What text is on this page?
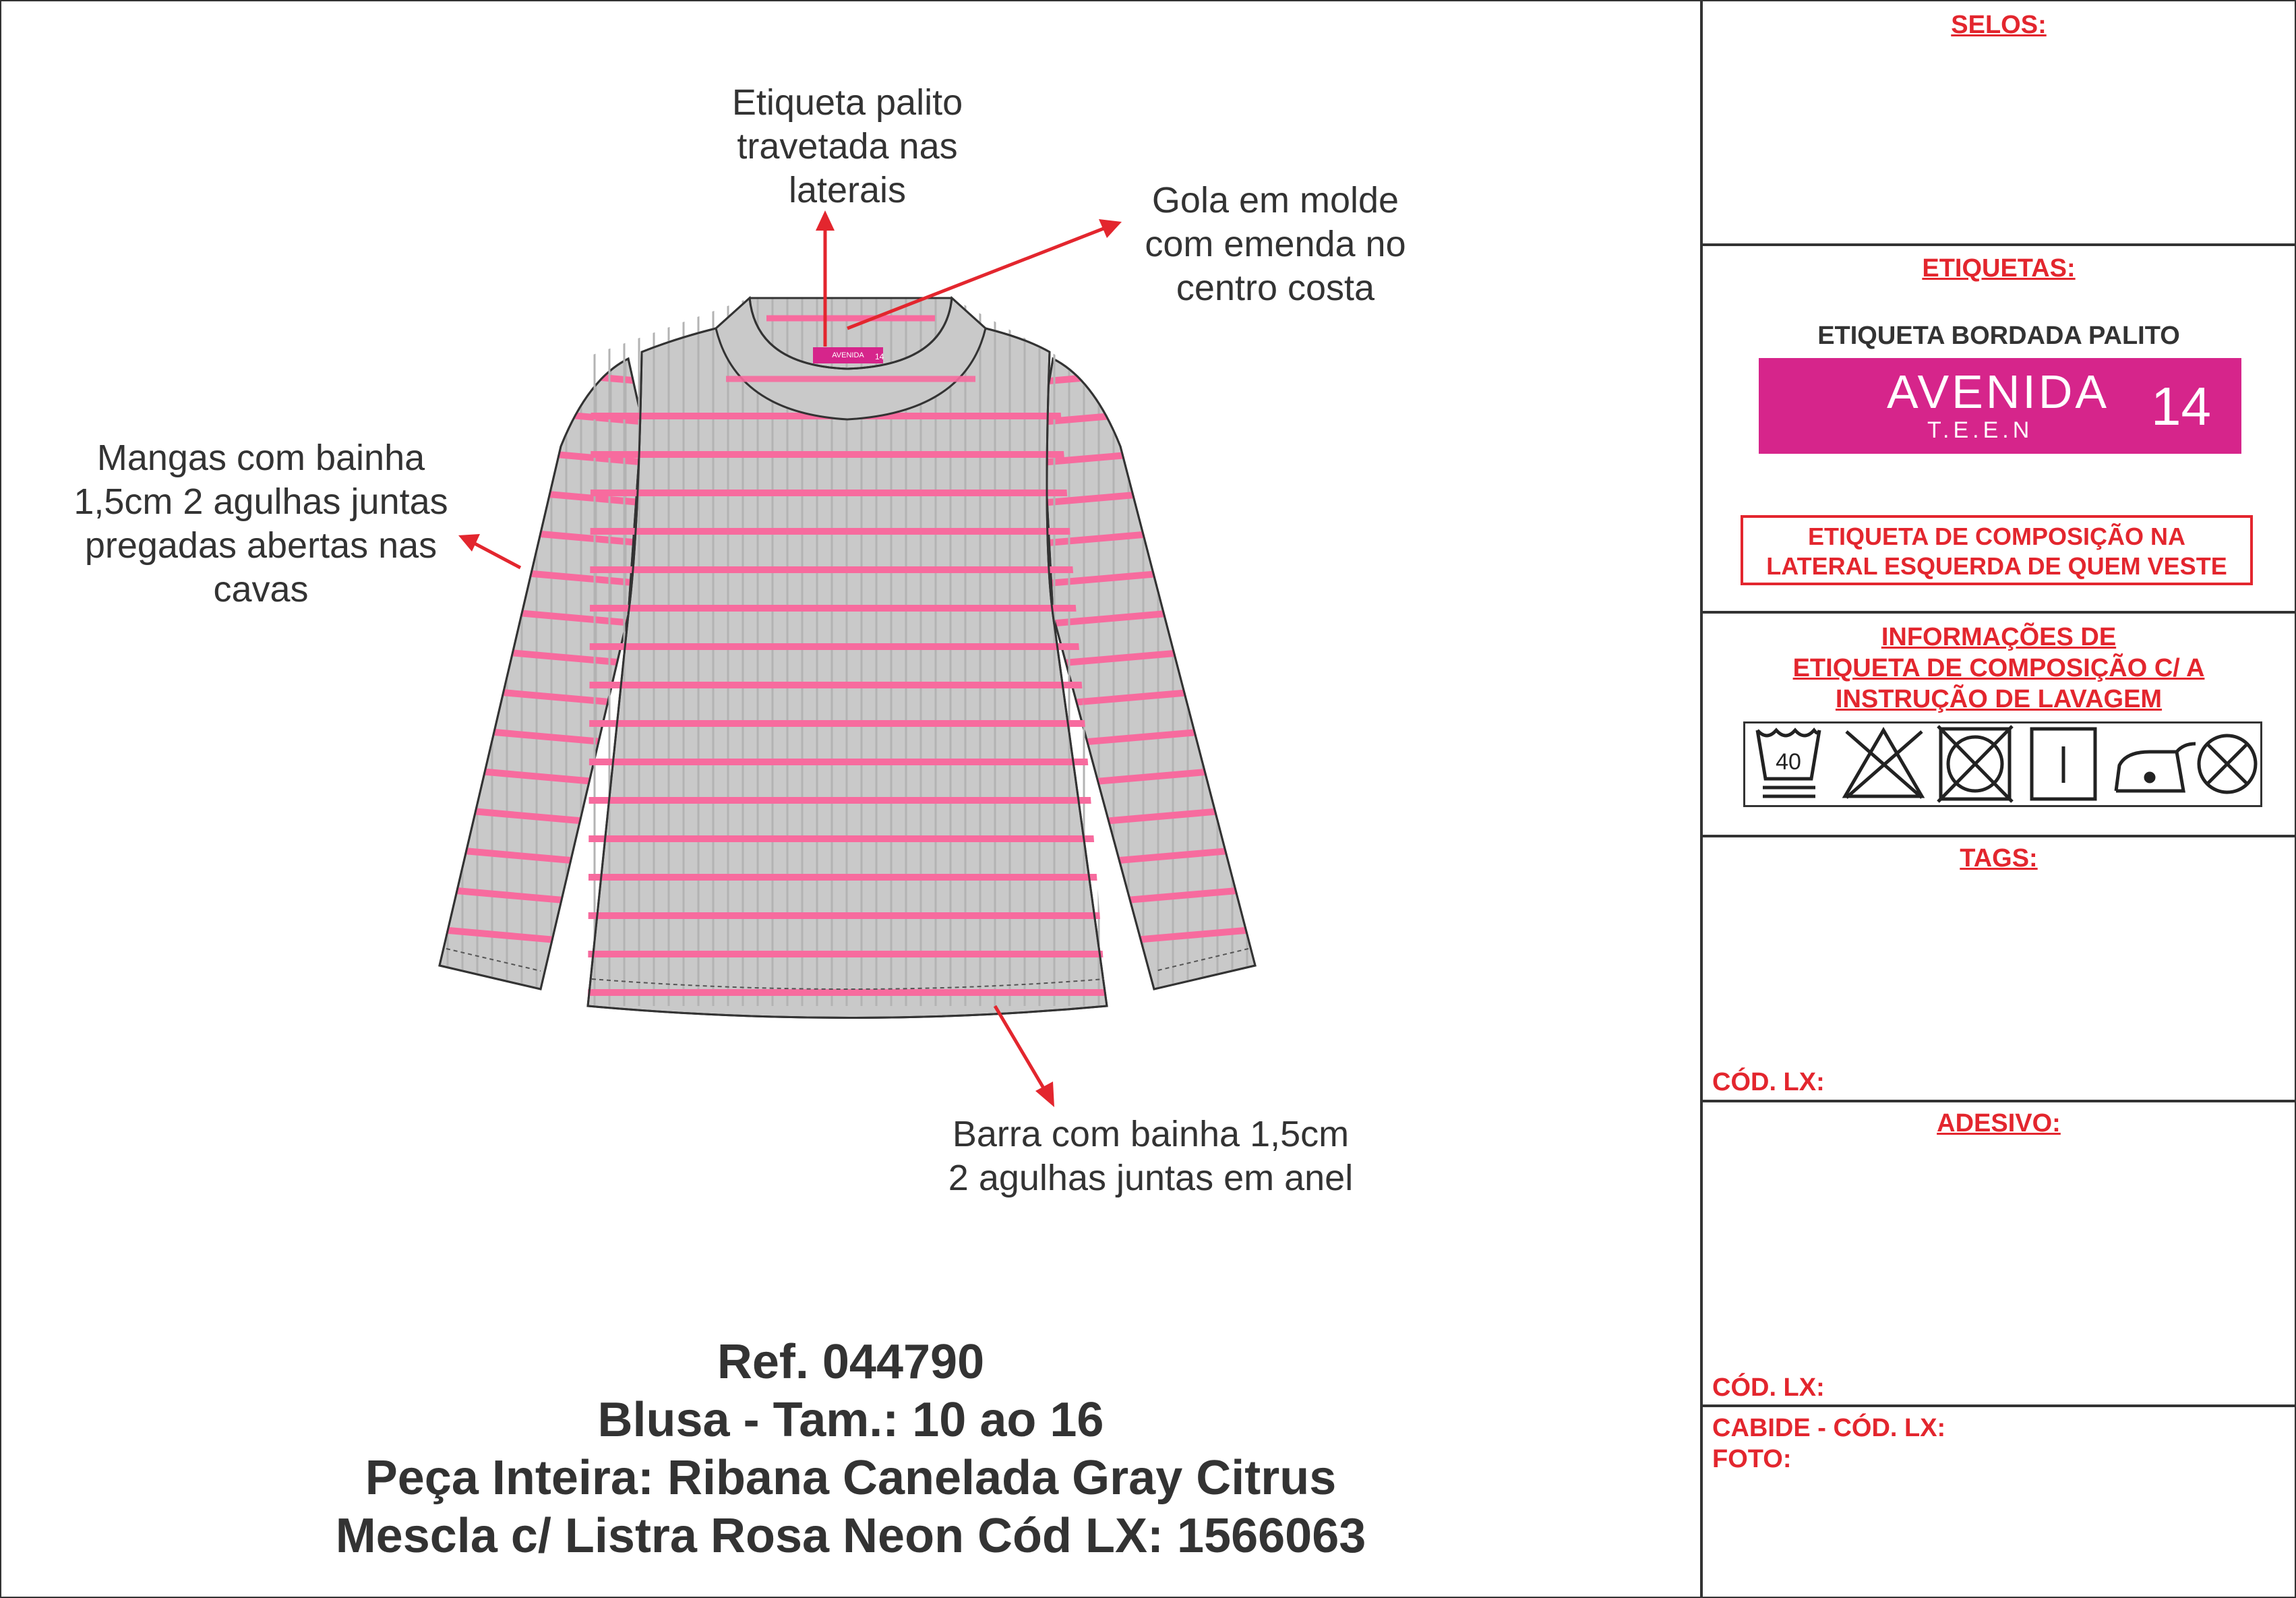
AVENIDA 14
Etiqueta palito
travetada nas
laterais	Gola em molde
com emenda no
centro costa
Mangas com bainha
1,5cm 2 agulhas juntas
pregadas abertas nas
cavas
Barra com bainha 1,5cm
2 agulhas juntas em anel
Ref. 044790
Blusa - Tam.: 10 ao 16
Peça Inteira: Ribana Canelada Gray Citrus
Mescla c/ Listra Rosa Neon Cód LX: 1566063
SELOS:
ETIQUETAS:
ETIQUETA BORDADA PALITO
AVENIDA
T.E.E.N 14
ETIQUETA DE COMPOSIÇÃO NA
LATERAL ESQUERDA DE QUEM VESTE
INFORMAÇÕES DE
ETIQUETA DE COMPOSIÇÃO C/ A
INSTRUÇÃO DE LAVAGEM
40
TAGS:
CÓD. LX:
ADESIVO:
CÓD. LX:
CABIDE - CÓD. LX:
FOTO:
